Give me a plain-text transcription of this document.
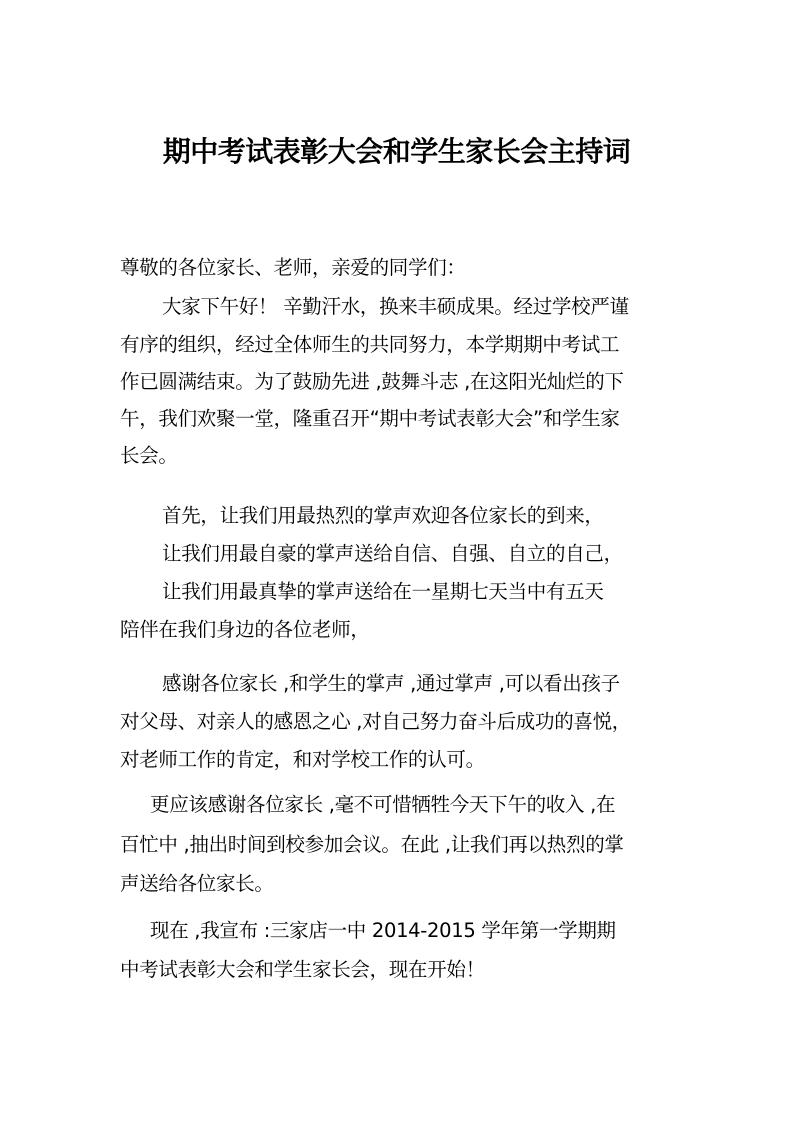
期中考试表彰大会和学生家长会主持词
尊敬的各位家长、老师，亲爱的同学们：
大家下午好！ 辛勤汗水，换来丰硕成果。经过学校严谨
有序的组织，经过全体师生的共同努力，本学期期中考试工
作已圆满结束。为了鼓励先进 ,鼓舞斗志 ,在这阳光灿烂的下
午，我们欢聚一堂，隆重召开“期中考试表彰大会”和学生家
长会。
首先，让我们用最热烈的掌声欢迎各位家长的到来，
让我们用最自豪的掌声送给自信、自强、自立的自己，
让我们用最真挚的掌声送给在一星期七天当中有五天
陪伴在我们身边的各位老师，
感谢各位家长 ,和学生的掌声 ,通过掌声 ,可以看出孩子
对父母、对亲人的感恩之心 ,对自己努力奋斗后成功的喜悦，
对老师工作的肯定，和对学校工作的认可。
更应该感谢各位家长 ,毫不可惜牺牲今天下午的收入 ,在
百忙中 ,抽出时间到校参加会议。在此 ,让我们再以热烈的掌
声送给各位家长。
现在 ,我宣布 :三家店一中 2014-2015 学年第一学期期
中考试表彰大会和学生家长会，现在开始！
